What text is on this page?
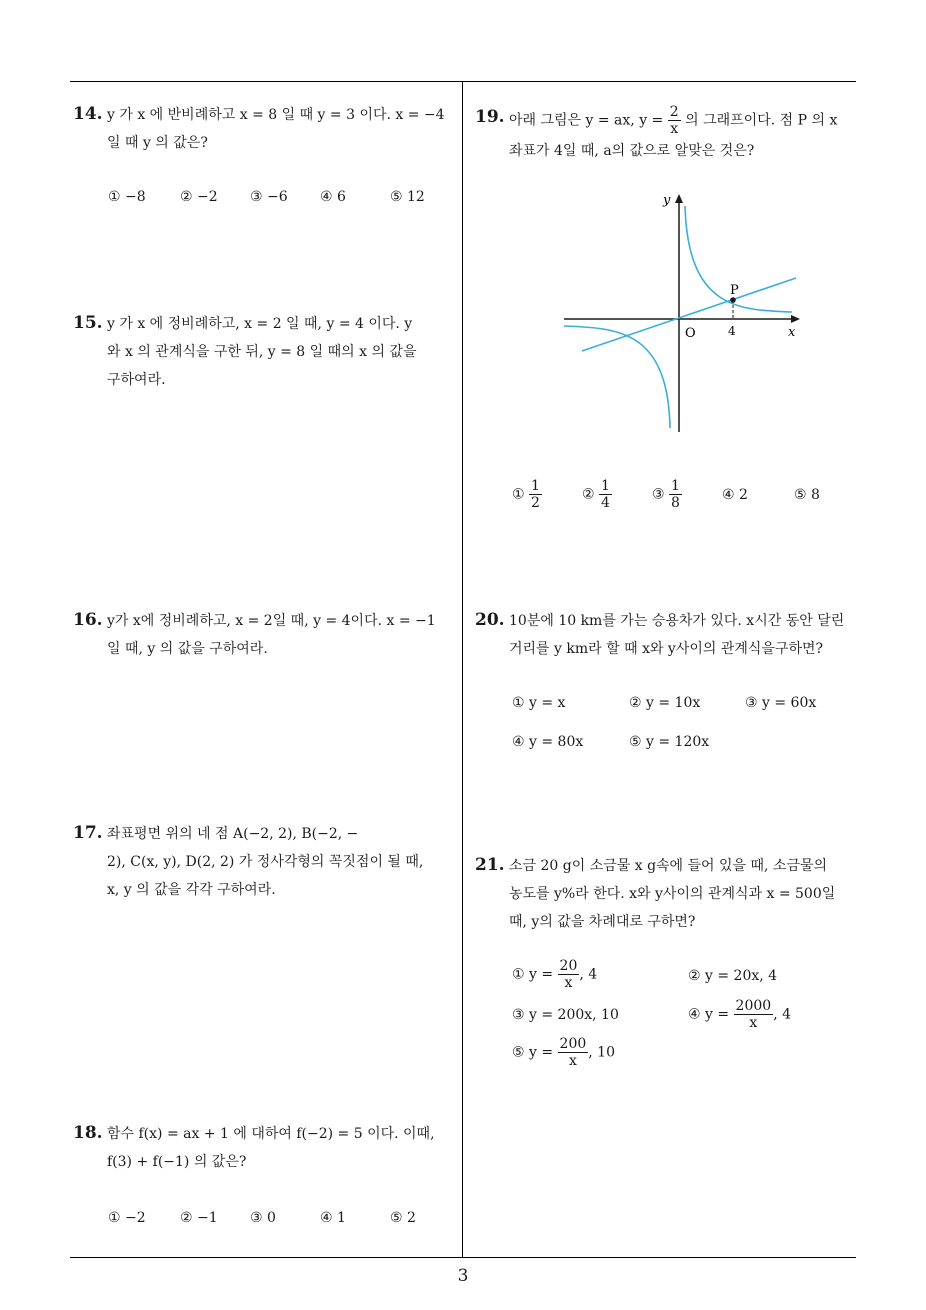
14. y 가 x 에 반비례하고 x = 8 일 때 y = 3 이다. x = −4
일 때 y 의 값은?
① −8 ② −2 ③ −6 ④ 6	⑤ 12
15. y 가 x 에 정비례하고, x = 2 일 때, y = 4 이다. y
와 x 의 관계식을 구한 뒤, y = 8 일 때의 x 의 값을
구하여라.
16. y가 x에 정비례하고, x = 2일 때, y = 4이다. x = −1
일 때, y 의 값을 구하여라.
17. 좌표평면 위의 네 점 A(−2, 2), B(−2, −
2), C(x, y), D(2, 2) 가 정사각형의 꼭짓점이 될 때,
x, y 의 값을 각각 구하여라.
18. 함수 f(x) = ax + 1 에 대하여 f(−2) = 5 이다. 이때,
f(3) + f(−1) 의 값은?
① −2 ② −1 ③ 0	④ 1	⑤ 2
19. 아래 그림은 y = ax, $y = \frac{2}{x}$ 의 그래프이다. 점 P 의 x
좌표가 4일 때, a의 값으로 알맞은 것은?
y
x
O
P
4
① $\frac{1}{2}$	② $\frac{1}{4}$	③ $\frac{1}{8}$	④ 2	⑤ 8
20. 10분에 10 km를 가는 승용차가 있다. x시간 동안 달린
거리를 y km라 할 때 x와 y사이의 관계식을구하면?
① y = x	② y = 10x	③ y = 60x
④ y = 80x	⑤ y = 120x
21. 소금 20 g이 소금물 x g속에 들어 있을 때, 소금물의
농도를 y%라 한다. x와 y사이의 관계식과 x = 500일
때, y의 값을 차례대로 구하면?
① $y = \frac{20}{x}$ , 4	② y = 20x, 4
③ y = 200x, 10	④ $y = \frac{2000}{x}$ , 4
⑤ $y = \frac{200}{x}$ , 10
3
